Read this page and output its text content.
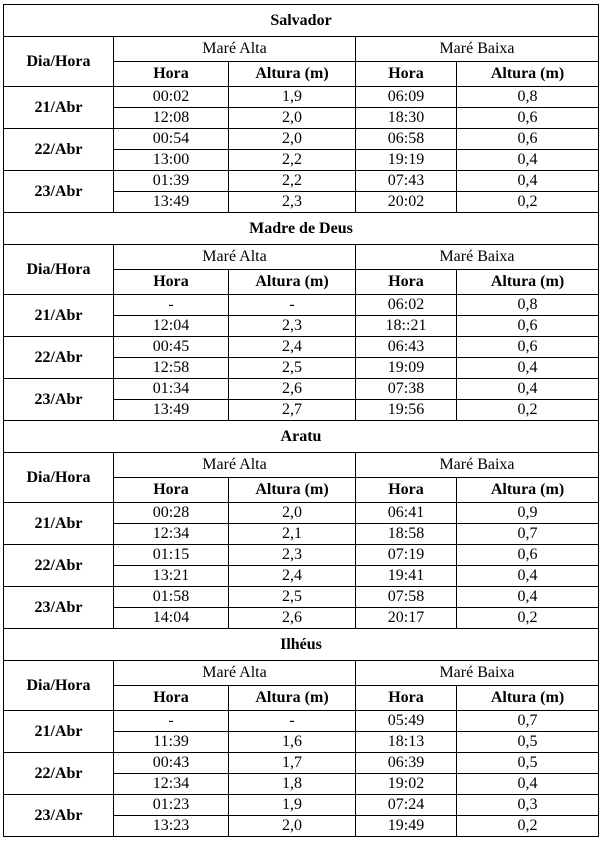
Salvador				
Dia/Hora	Maré Alta		Maré Baixa	
	Hora	Altura (m)	Hora	Altura (m)
21/Abr	00:02	1,9	06:09	0,8
	12:08	2,0	18:30	0,6
22/Abr	00:54	2,0	06:58	0,6
	13:00	2,2	19:19	0,4
23/Abr	01:39	2,2	07:43	0,4
	13:49	2,3	20:02	0,2
Madre de Deus				
Dia/Hora	Maré Alta		Maré Baixa	
	Hora	Altura (m)	Hora	Altura (m)
21/Abr	-	-	06:02	0,8
	12:04	2,3	18::21	0,6
22/Abr	00:45	2,4	06:43	0,6
	12:58	2,5	19:09	0,4
23/Abr	01:34	2,6	07:38	0,4
	13:49	2,7	19:56	0,2
Aratu				
Dia/Hora	Maré Alta		Maré Baixa	
	Hora	Altura (m)	Hora	Altura (m)
21/Abr	00:28	2,0	06:41	0,9
	12:34	2,1	18:58	0,7
22/Abr	01:15	2,3	07:19	0,6
	13:21	2,4	19:41	0,4
23/Abr	01:58	2,5	07:58	0,4
	14:04	2,6	20:17	0,2
Ilhéus				
Dia/Hora	Maré Alta		Maré Baixa	
	Hora	Altura (m)	Hora	Altura (m)
21/Abr	-	-	05:49	0,7
	11:39	1,6	18:13	0,5
22/Abr	00:43	1,7	06:39	0,5
	12:34	1,8	19:02	0,4
23/Abr	01:23	1,9	07:24	0,3
	13:23	2,0	19:49	0,2
